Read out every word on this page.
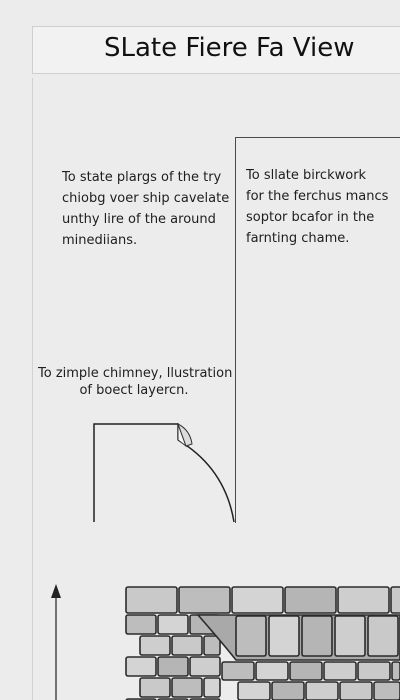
SLate Fiere Fa View
To state plargs of the try
chiobg voer ship cavelate
unthy lire of the around
minediians.
To sllate birckwork
for the ferchus mancs
soptor bcafor in the
farnting chame.
To zimple chimney, llustration
of boect layercn.
